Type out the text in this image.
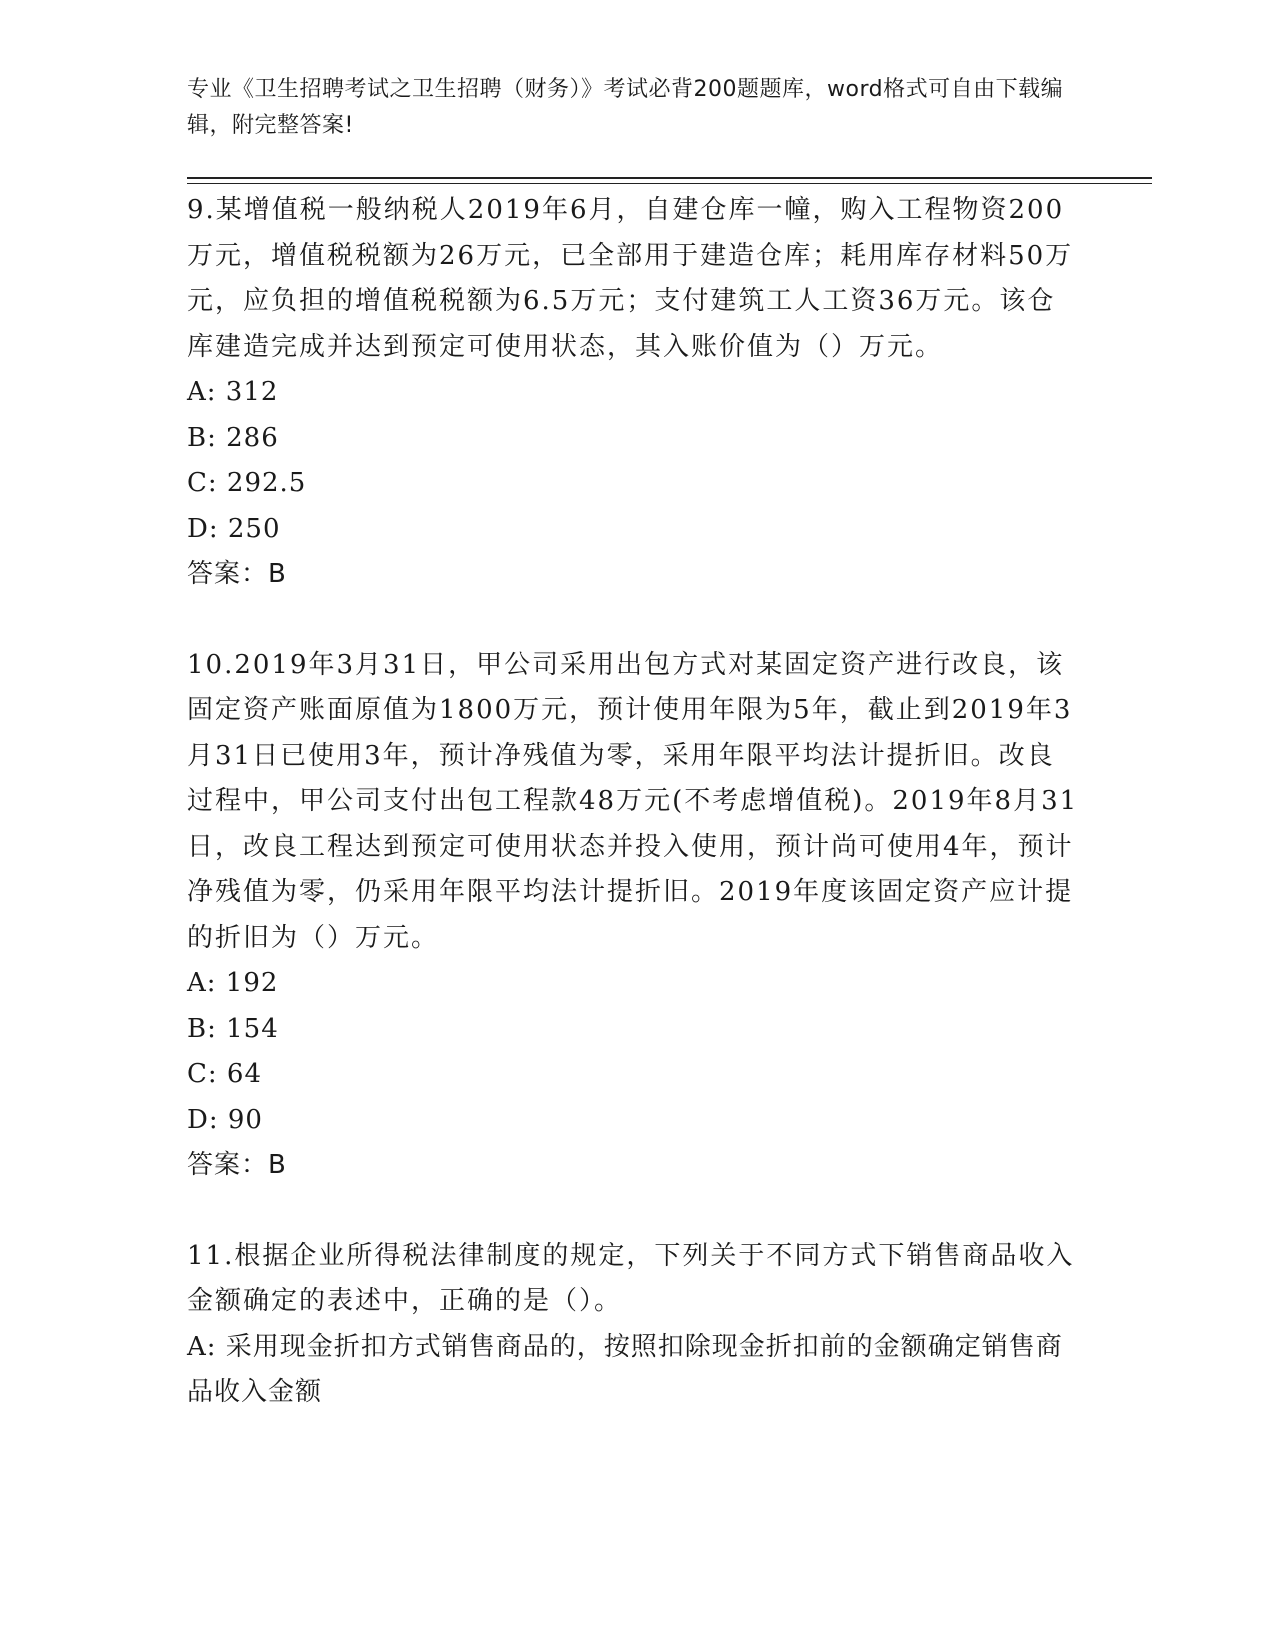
专业《卫生招聘考试之卫生招聘（财务）》考试必背200题题库，word格式可自由下载编辑，附完整答案!

9.某增值税一般纳税人2019年6月，自建仓库一幢，购入工程物资200万元，增值税税额为26万元，已全部用于建造仓库；耗用库存材料50万元，应负担的增值税税额为6.5万元；支付建筑工人工资36万元。该仓库建造完成并达到预定可使用状态，其入账价值为（）万元。

A: 312

B: 286

C: 292.5

D: 250

答案：B

10.2019年3月31日，甲公司采用出包方式对某固定资产进行改良，该固定资产账面原值为1800万元，预计使用年限为5年，截止到2019年3月31日已使用3年，预计净残值为零，采用年限平均法计提折旧。改良过程中，甲公司支付出包工程款48万元(不考虑增值税)。2019年8月31日，改良工程达到预定可使用状态并投入使用，预计尚可使用4年，预计净残值为零，仍采用年限平均法计提折旧。2019年度该固定资产应计提的折旧为（）万元。

A: 192

B: 154

C: 64

D: 90

答案：B

11.根据企业所得税法律制度的规定，下列关于不同方式下销售商品收入金额确定的表述中，正确的是（）。

A: 采用现金折扣方式销售商品的，按照扣除现金折扣前的金额确定销售商品收入金额
